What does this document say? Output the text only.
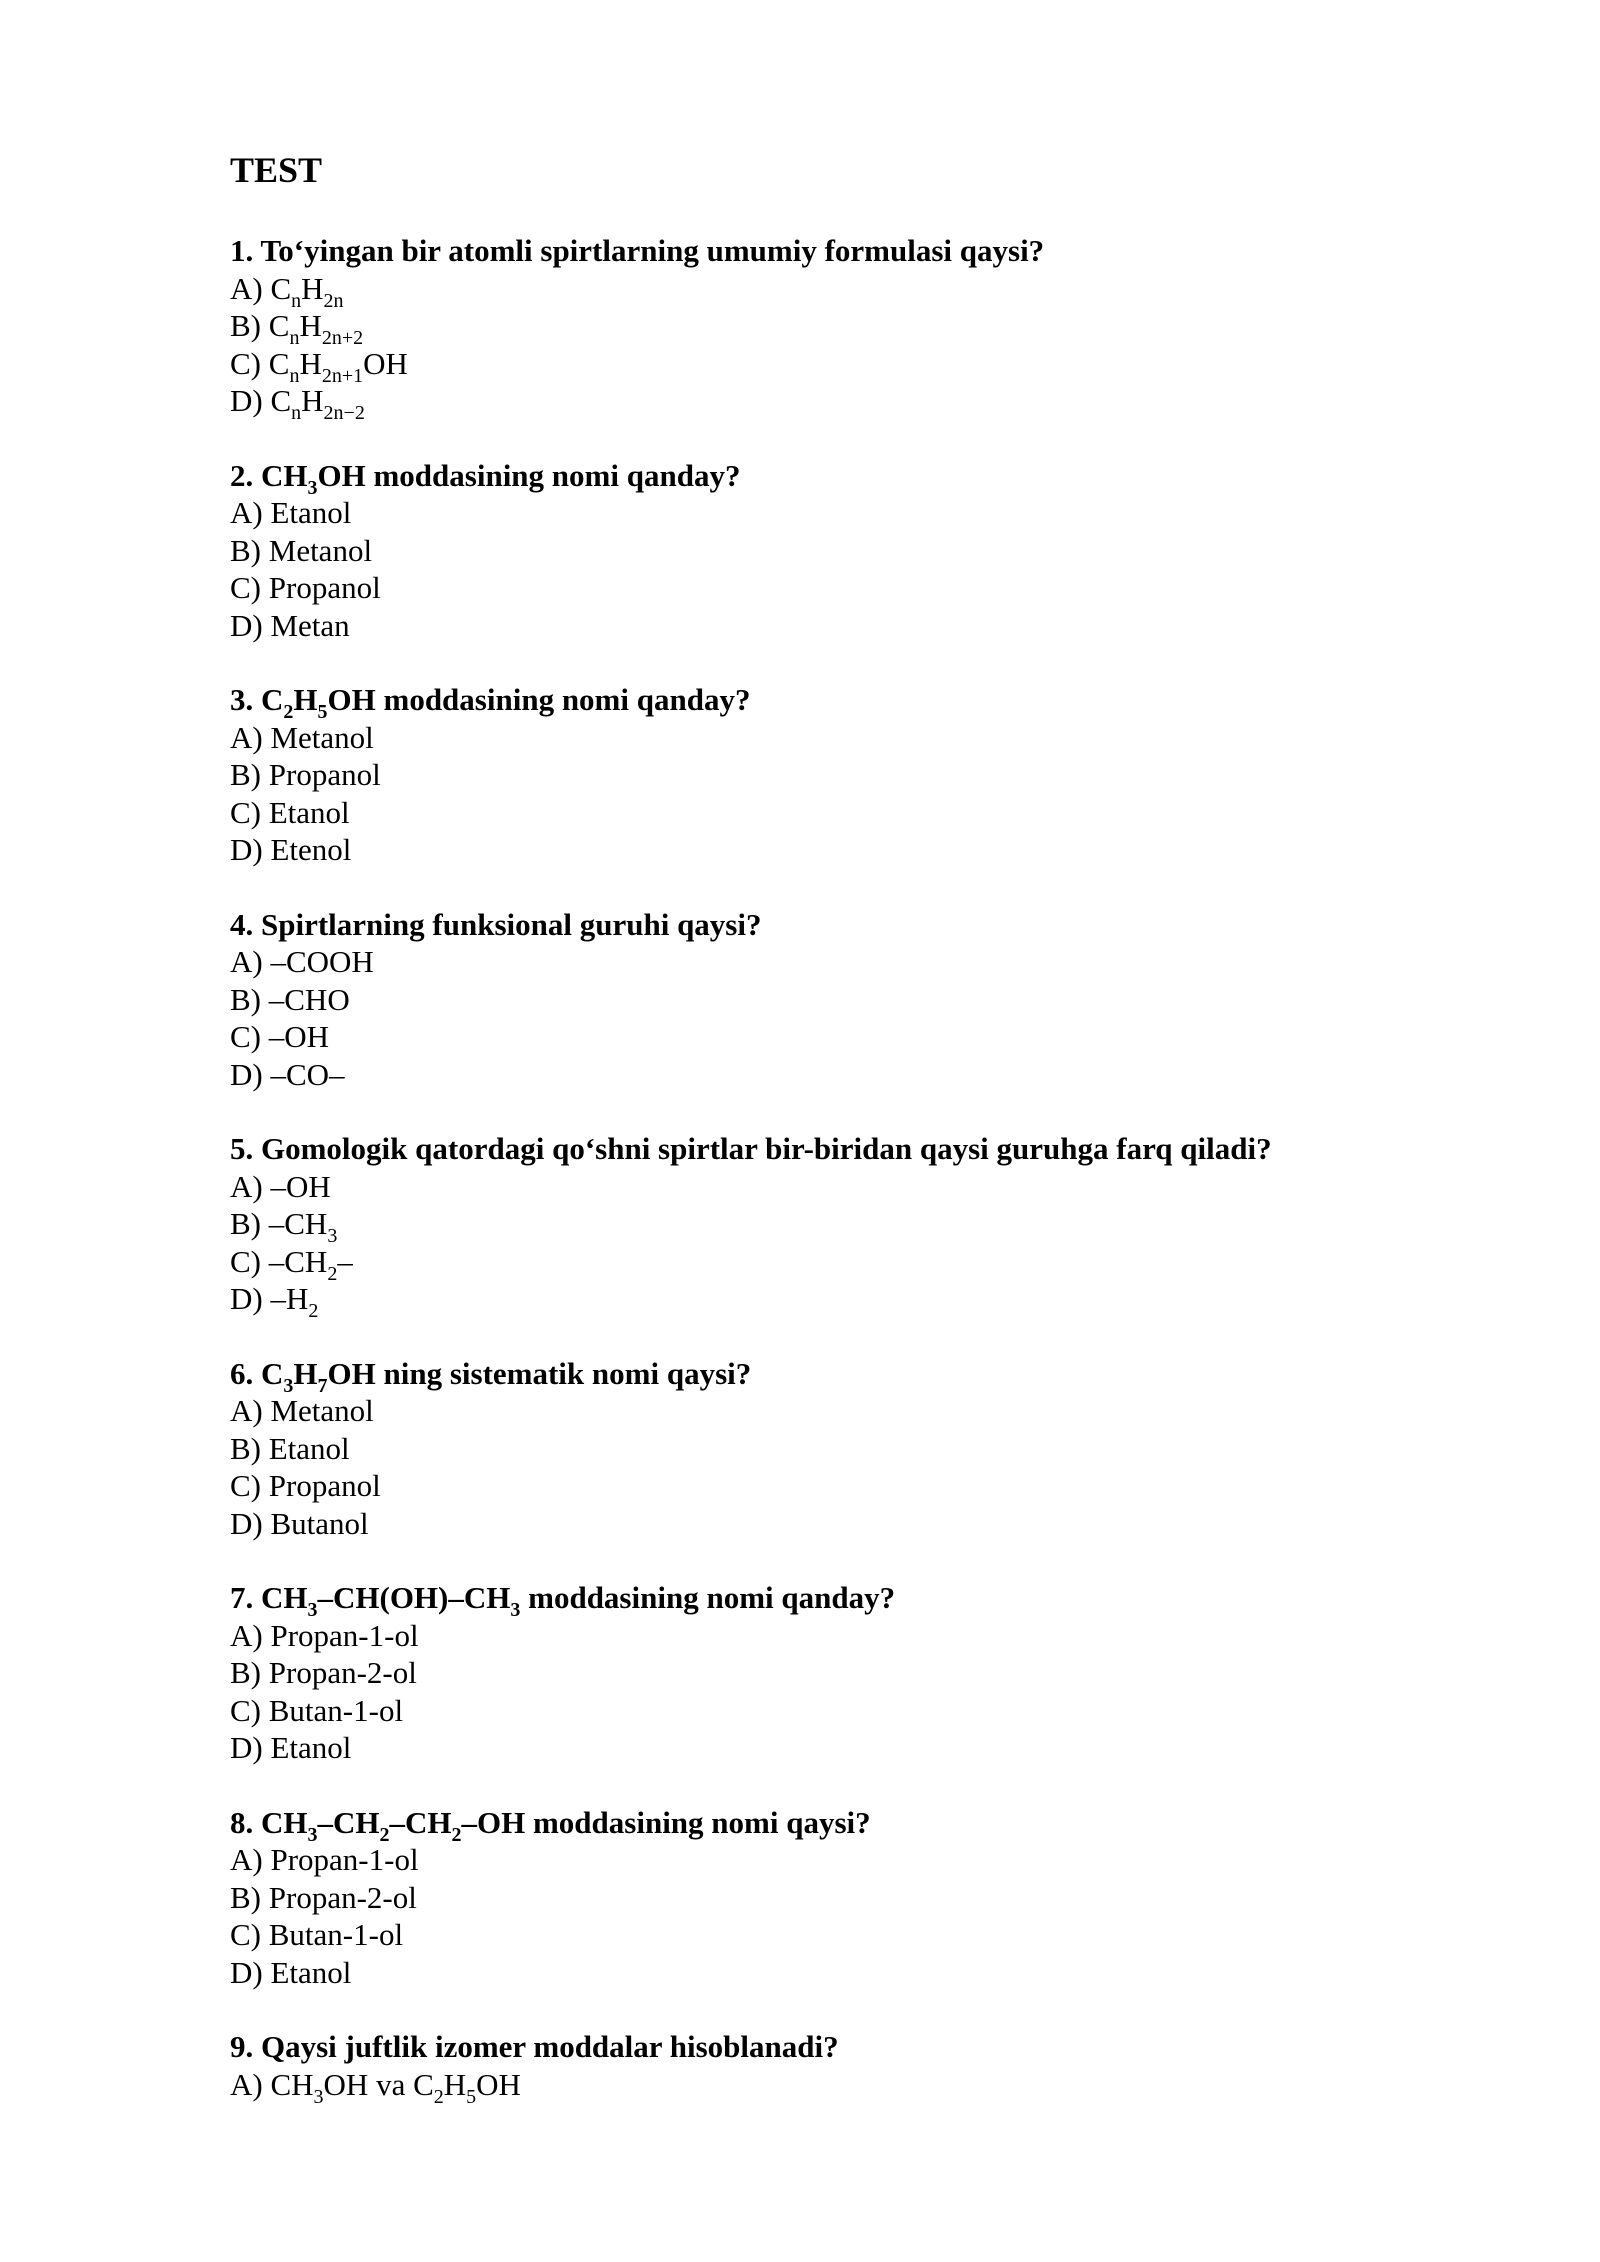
TEST
1. To‘yingan bir atomli spirtlarning umumiy formulasi qaysi?
A) $C_nH_{2n}$
B) $C_nH_{2n+2}$
C) $C_nH_{2n+1}OH$
D) $C_nH_{2n-2}$
2. $CH_3OH$ moddasining nomi qanday?
A) Etanol
B) Metanol
C) Propanol
D) Metan
3. $C_2H_5OH$ moddasining nomi qanday?
A) Metanol
B) Propanol
C) Etanol
D) Etenol
4. Spirtlarning funksional guruhi qaysi?
A) –COOH
B) –CHO
C) –OH
D) –CO–
5. Gomologik qatordagi qo‘shni spirtlar bir-biridan qaysi guruhga farq qiladi?
A) –OH
B) $-CH_3$
C) $-CH_2-$
D) $-H_2$
6. $C_3H_7OH$ ning sistematik nomi qaysi?
A) Metanol
B) Etanol
C) Propanol
D) Butanol
7. $CH_3-CH(OH)-CH_3$ moddasining nomi qanday?
A) Propan-1-ol
B) Propan-2-ol
C) Butan-1-ol
D) Etanol
8. $CH_3-CH_2-CH_2-OH$ moddasining nomi qaysi?
A) Propan-1-ol
B) Propan-2-ol
C) Butan-1-ol
D) Etanol
9. Qaysi juftlik izomer moddalar hisoblanadi?
A) $CH_3OH$ va $C_2H_5OH$
